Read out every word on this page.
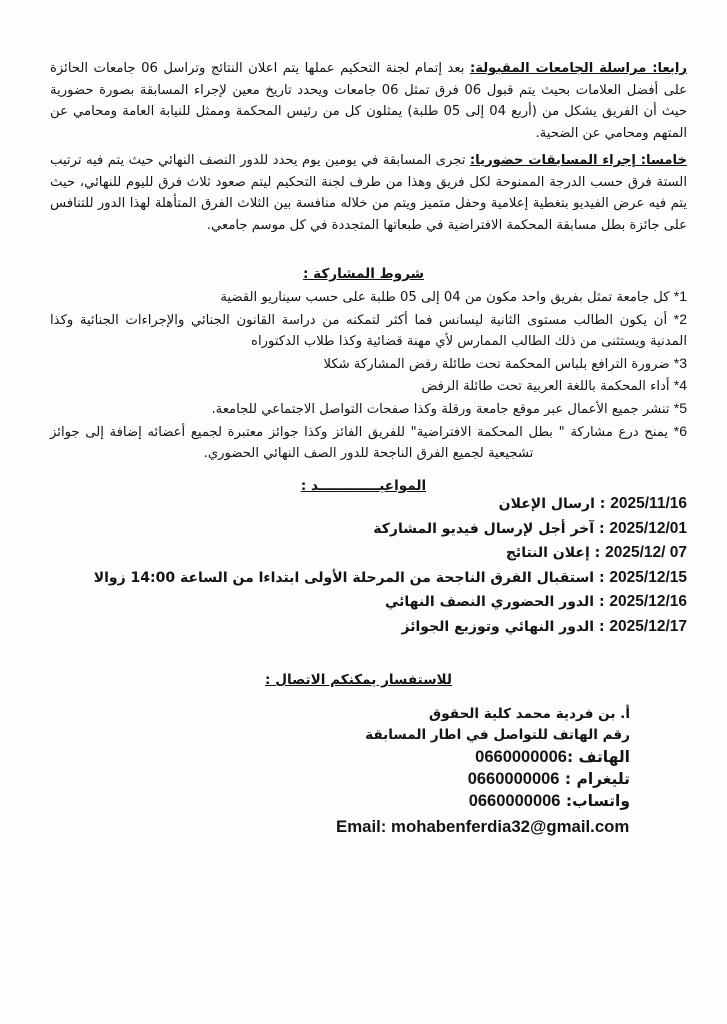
رابعا: مراسلة الجامعات المقبولة: بعد إتمام لجنة التحكيم عملها يتم اعلان النتائج وتراسل 06 جامعات الحائزة على أفضل العلامات بحيث يتم قبول 06 فرق تمثل 06 جامعات ويحدد تاريخ معين لإجراء المسابقة بصورة حضورية حيث أن الفريق يشكل من (أربع 04 إلى 05 طلبة) يمثلون كل من رئيس المحكمة وممثل للنيابة العامة ومحامي عن المتهم ومحامي عن الضحية.
خامسا: إجراء المسابقات حضوريا: تجرى المسابقة في يومين يوم يحدد للدور النصف النهائي حيث يتم فيه ترتيب الستة فرق حسب الدرجة الممنوحة لكل فريق وهذا من طرف لجنة التحكيم ليتم صعود ثلاث فرق لليوم للنهائي، حيث يتم فيه عرض الفيديو بتغطية إعلامية وحفل متميز ويتم من خلاله منافسة بين الثلاث الفرق المتأهلة لهذا الدور للتنافس على جائزة بطل مسابقة المحكمة الافتراضية في طبعاتها المتجددة في كل موسم جامعي.
شروط المشاركة :
1* كل جامعة تمثل بفريق واحد مكون من 04 إلى 05 طلبة على حسب سيناريو القضية
2* أن يكون الطالب مستوى الثانية ليسانس فما أكثر لتمكنه من دراسة القانون الجنائي والإجراءات الجنائية وكذا المدنية ويستثنى من ذلك الطالب الممارس لأي مهنة قضائية وكذا طلاب الدكتوراه
3* ضرورة الترافع بلباس المحكمة تحت طائلة رفض المشاركة شكلا
4* أداء المحكمة باللغة العربية تحت طائلة الرفض
5* تنشر جميع الأعمال عبر موقع جامعة ورقلة وكذا صفحات التواصل الاجتماعي للجامعة.
6* يمنح درع مشاركة " بطل المحكمة الافتراضية" للفريق الفائز وكذا جوائز معتبرة لجميع أعضائه إضافة إلى جوائز تشجيعية لجميع الفرق الناجحة للدور الصف النهائي الحضوري.
المواعيـــــــــــــد :
2025/11/16 : ارسال الإعلان
2025/12/01 : آخر أجل لإرسال فيديو المشاركة
2025/12/ 07 : إعلان النتائج
2025/12/15 : استقبال الفرق الناجحة من المرحلة الأولى ابتداءا من الساعة 14:00 زوالا
2025/12/16 : الدور الحضوري النصف النهائي
2025/12/17 : الدور النهائي وتوزيع الجوائز
للاستفسار يمكنكم الاتصال :
أ. بن فردية محمد كلية الحقوق
رقم الهاتف للتواصل في اطار المسابقة
الهاتف :0660000006
تليغرام : 0660000006
واتساب: 0660000006
Email: mohabenferdia32@gmail.com
